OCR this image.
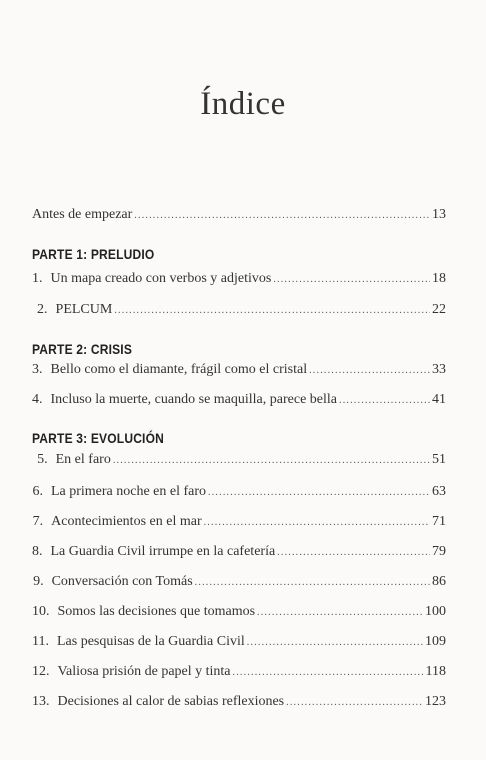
Índice
Antes de empezar .....	13
PARTE 1: PRELUDIO
1. Un mapa creado con verbos y adjetivos .....	18
2. PELCUM .....	22
PARTE 2: CRISIS
3. Bello como el diamante, frágil como el cristal .....	33
4. Incluso la muerte, cuando se maquilla, parece bella .....	41
PARTE 3: EVOLUCIÓN
5. En el faro .....	51
6. La primera noche en el faro .....	63
7. Acontecimientos en el mar .....	71
8. La Guardia Civil irrumpe en la cafetería .....	79
9. Conversación con Tomás .....	86
10. Somos las decisiones que tomamos .....	100
11. Las pesquisas de la Guardia Civil .....	109
12. Valiosa prisión de papel y tinta .....	118
13. Decisiones al calor de sabias reflexiones .....	123
